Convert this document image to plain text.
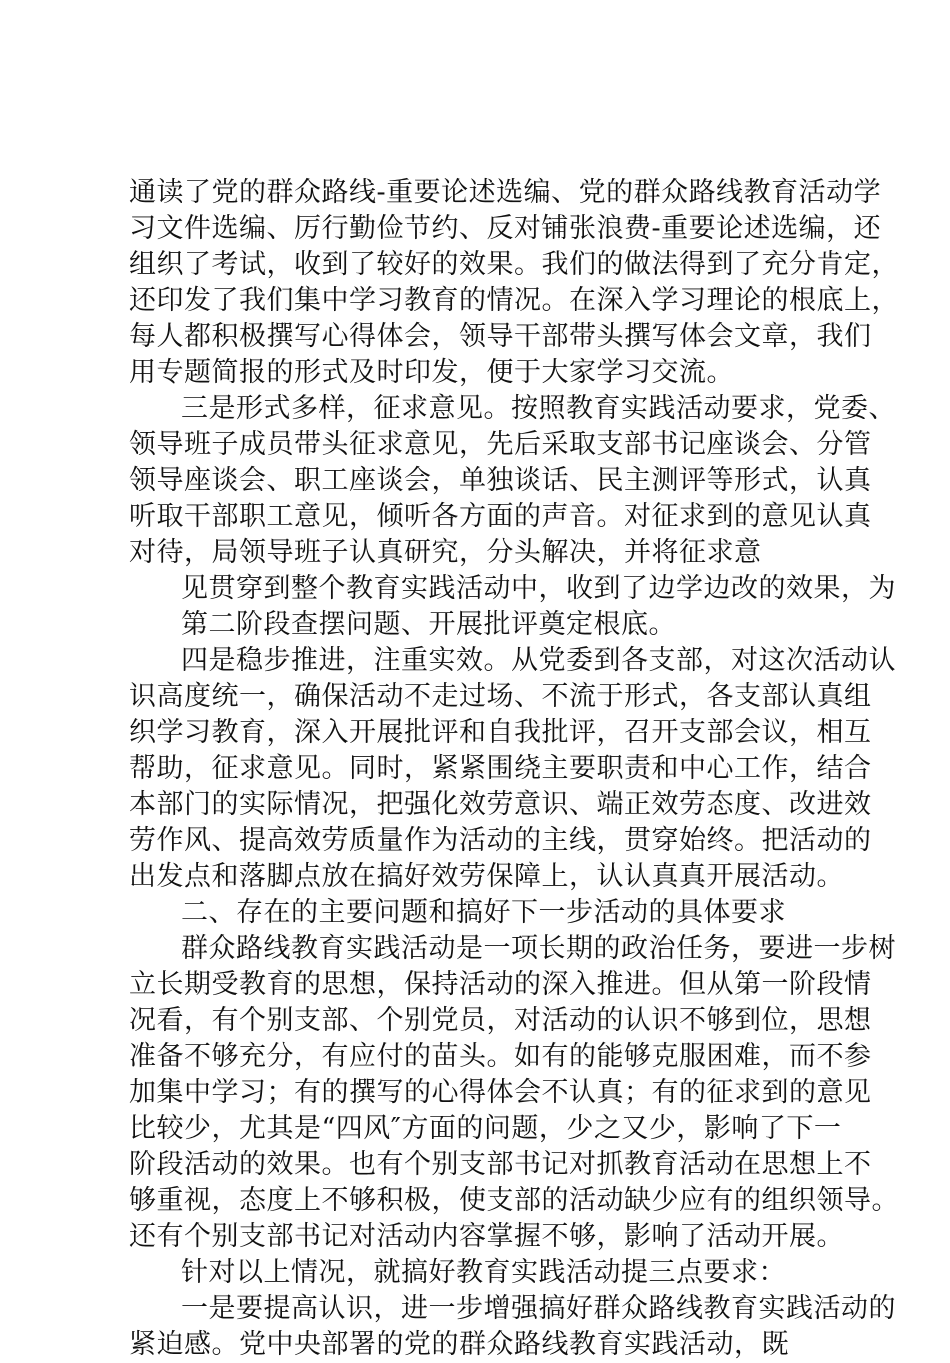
通读了党的群众路线-重要论述选编、党的群众路线教育活动学
习文件选编、厉行勤俭节约、反对铺张浪费-重要论述选编，还
组织了考试，收到了较好的效果。我们的做法得到了充分肯定，
还印发了我们集中学习教育的情况。在深入学习理论的根底上，
每人都积极撰写心得体会，领导干部带头撰写体会文章，我们
用专题简报的形式及时印发，便于大家学习交流。
三是形式多样，征求意见。按照教育实践活动要求，党委、
领导班子成员带头征求意见，先后采取支部书记座谈会、分管
领导座谈会、职工座谈会，单独谈话、民主测评等形式，认真
听取干部职工意见，倾听各方面的声音。对征求到的意见认真
对待，局领导班子认真研究，分头解决，并将征求意
见贯穿到整个教育实践活动中，收到了边学边改的效果，为
第二阶段查摆问题、开展批评奠定根底。
四是稳步推进，注重实效。从党委到各支部，对这次活动认
识高度统一，确保活动不走过场、不流于形式，各支部认真组
织学习教育，深入开展批评和自我批评，召开支部会议，相互
帮助，征求意见。同时，紧紧围绕主要职责和中心工作，结合
本部门的实际情况，把强化效劳意识、端正效劳态度、改进效
劳作风、提高效劳质量作为活动的主线，贯穿始终。把活动的
出发点和落脚点放在搞好效劳保障上，认认真真开展活动。
二、存在的主要问题和搞好下一步活动的具体要求
群众路线教育实践活动是一项长期的政治任务，要进一步树
立长期受教育的思想，保持活动的深入推进。但从第一阶段情
况看，有个别支部、个别党员，对活动的认识不够到位，思想
准备不够充分，有应付的苗头。如有的能够克服困难，而不参
加集中学习；有的撰写的心得体会不认真；有的征求到的意见
比较少，尤其是“四风″方面的问题，少之又少，影响了下一
阶段活动的效果。也有个别支部书记对抓教育活动在思想上不
够重视，态度上不够积极，使支部的活动缺少应有的组织领导。
还有个别支部书记对活动内容掌握不够，影响了活动开展。
针对以上情况，就搞好教育实践活动提三点要求：
一是要提高认识，进一步增强搞好群众路线教育实践活动的
紧迫感。党中央部署的党的群众路线教育实践活动，既
